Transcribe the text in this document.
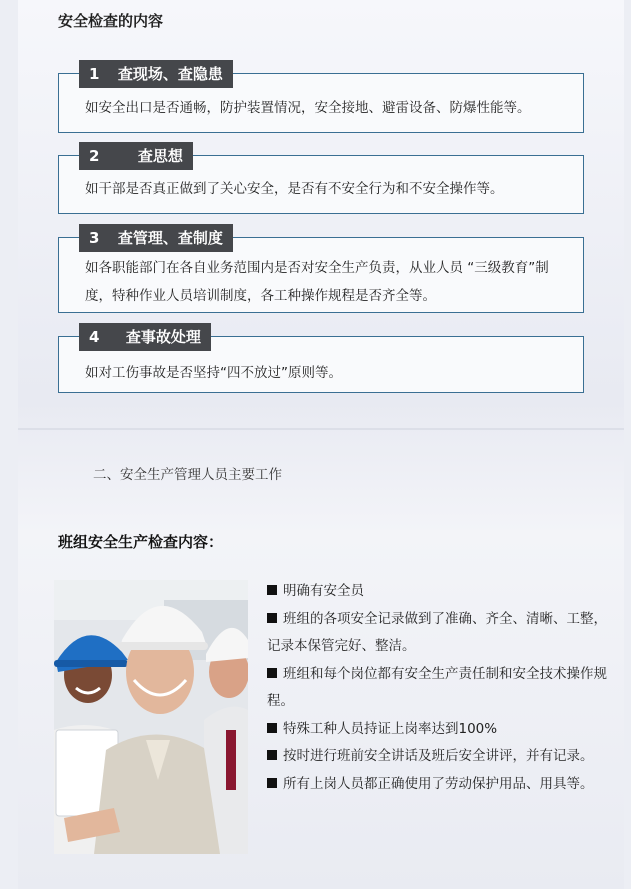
安全检查的内容
1 查现场、查隐患
如安全出口是否通畅，防护装置情况，安全接地、避雷设备、防爆性能等。
2	查思想
如干部是否真正做到了关心安全，是否有不安全行为和不安全操作等。
3 查管理、查制度
如各职能部门在各自业务范围内是否对安全生产负责，从业人员 “三级教育”制度，特种作业人员培训制度，各工种操作规程是否齐全等。
4 查事故处理
如对工伤事故是否坚持“四不放过”原则等。
二、安全生产管理人员主要工作
班组安全生产检查内容：
明确有安全员
班组的各项安全记录做到了准确、齐全、清晰、工整，记录本保管完好、整洁。
班组和每个岗位都有安全生产责任制和安全技术操作规程。
特殊工种人员持证上岗率达到100%
按时进行班前安全讲话及班后安全讲评，并有记录。
所有上岗人员都正确使用了劳动保护用品、用具等。
